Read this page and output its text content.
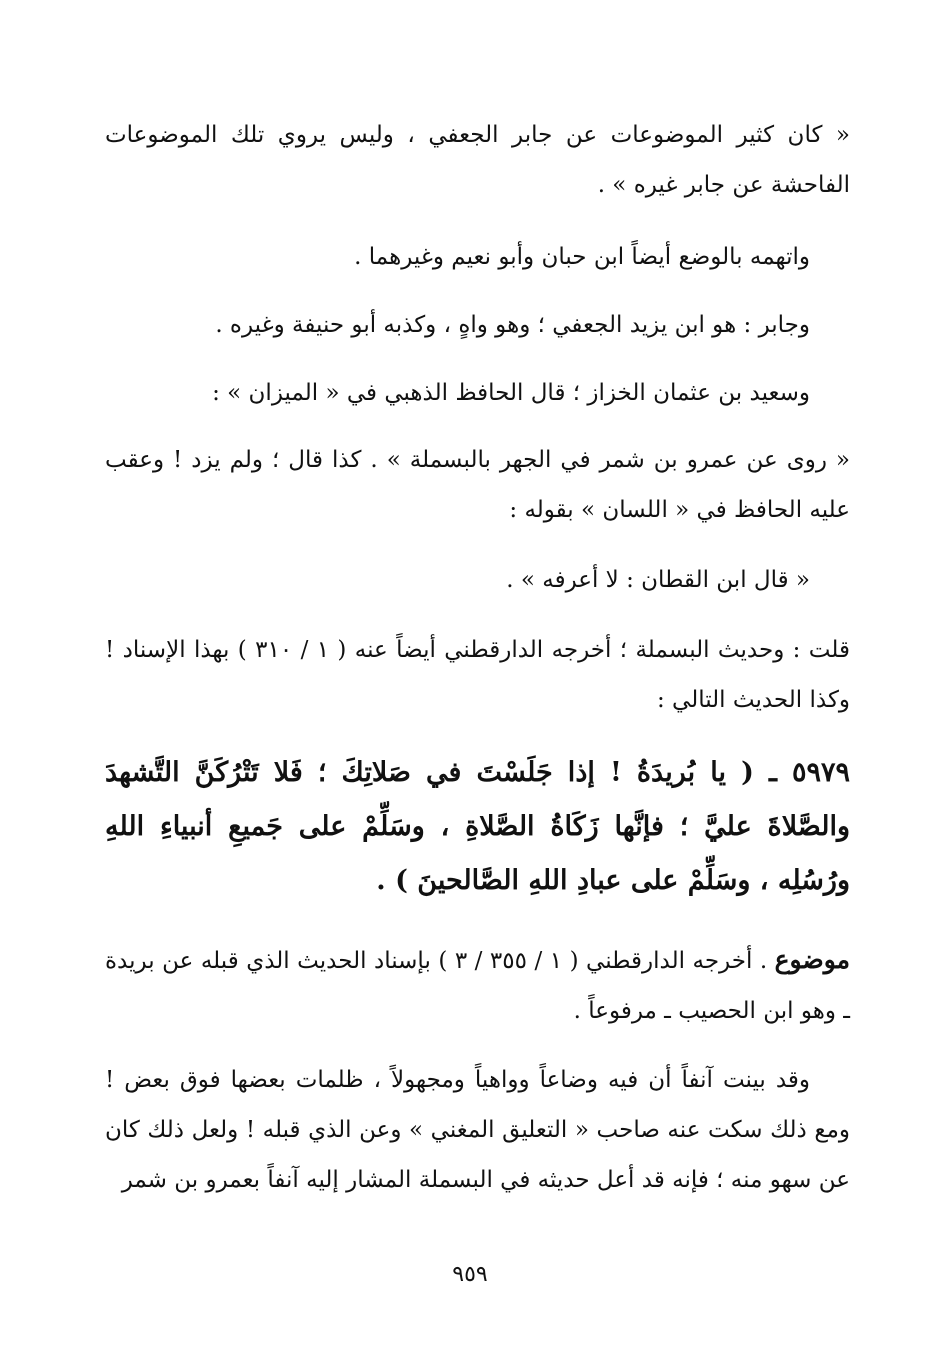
« كان كثير الموضوعات عن جابر الجعفي ، وليس يروي تلك الموضوعات الفاحشة عن جابر غيره » .

واتهمه بالوضع أيضاً ابن حبان وأبو نعيم وغيرهما .

وجابر : هو ابن يزيد الجعفي ؛ وهو واهٍ ، وكذبه أبو حنيفة وغيره .

وسعيد بن عثمان الخزاز ؛ قال الحافظ الذهبي في « الميزان » :

« روى عن عمرو بن شمر في الجهر بالبسملة » . كذا قال ؛ ولم يزد ! وعقب عليه الحافظ في « اللسان » بقوله :

« قال ابن القطان : لا أعرفه » .

قلت : وحديث البسملة ؛ أخرجه الدارقطني أيضاً عنه ( ١ / ٣١٠ ) بهذا الإسناد ! وكذا الحديث التالي :

٥٩٧٩ ـ ( يا بُريدَةُ ! إذا جَلَسْتَ في صَلاتِكَ ؛ فَلا تَتْرُكَنَّ التَّشهدَ والصَّلاةَ عليَّ ؛ فإنَّها زَكَاةُ الصَّلاةِ ، وسَلِّمْ على جَميعِ أنبياءِ اللهِ ورُسُلِه ، وسَلِّمْ على عبادِ اللهِ الصَّالحينَ ) .

موضوع . أخرجه الدارقطني ( ١ / ٣٥٥ / ٣ ) بإسناد الحديث الذي قبله عن بريدة ـ وهو ابن الحصيب ـ مرفوعاً .

وقد بينت آنفاً أن فيه وضاعاً وواهياً ومجهولاً ، ظلمات بعضها فوق بعض ! ومع ذلك سكت عنه صاحب « التعليق المغني » وعن الذي قبله ! ولعل ذلك كان عن سهو منه ؛ فإنه قد أعل حديثه في البسملة المشار إليه آنفاً بعمرو بن شمر

٩٥٩
